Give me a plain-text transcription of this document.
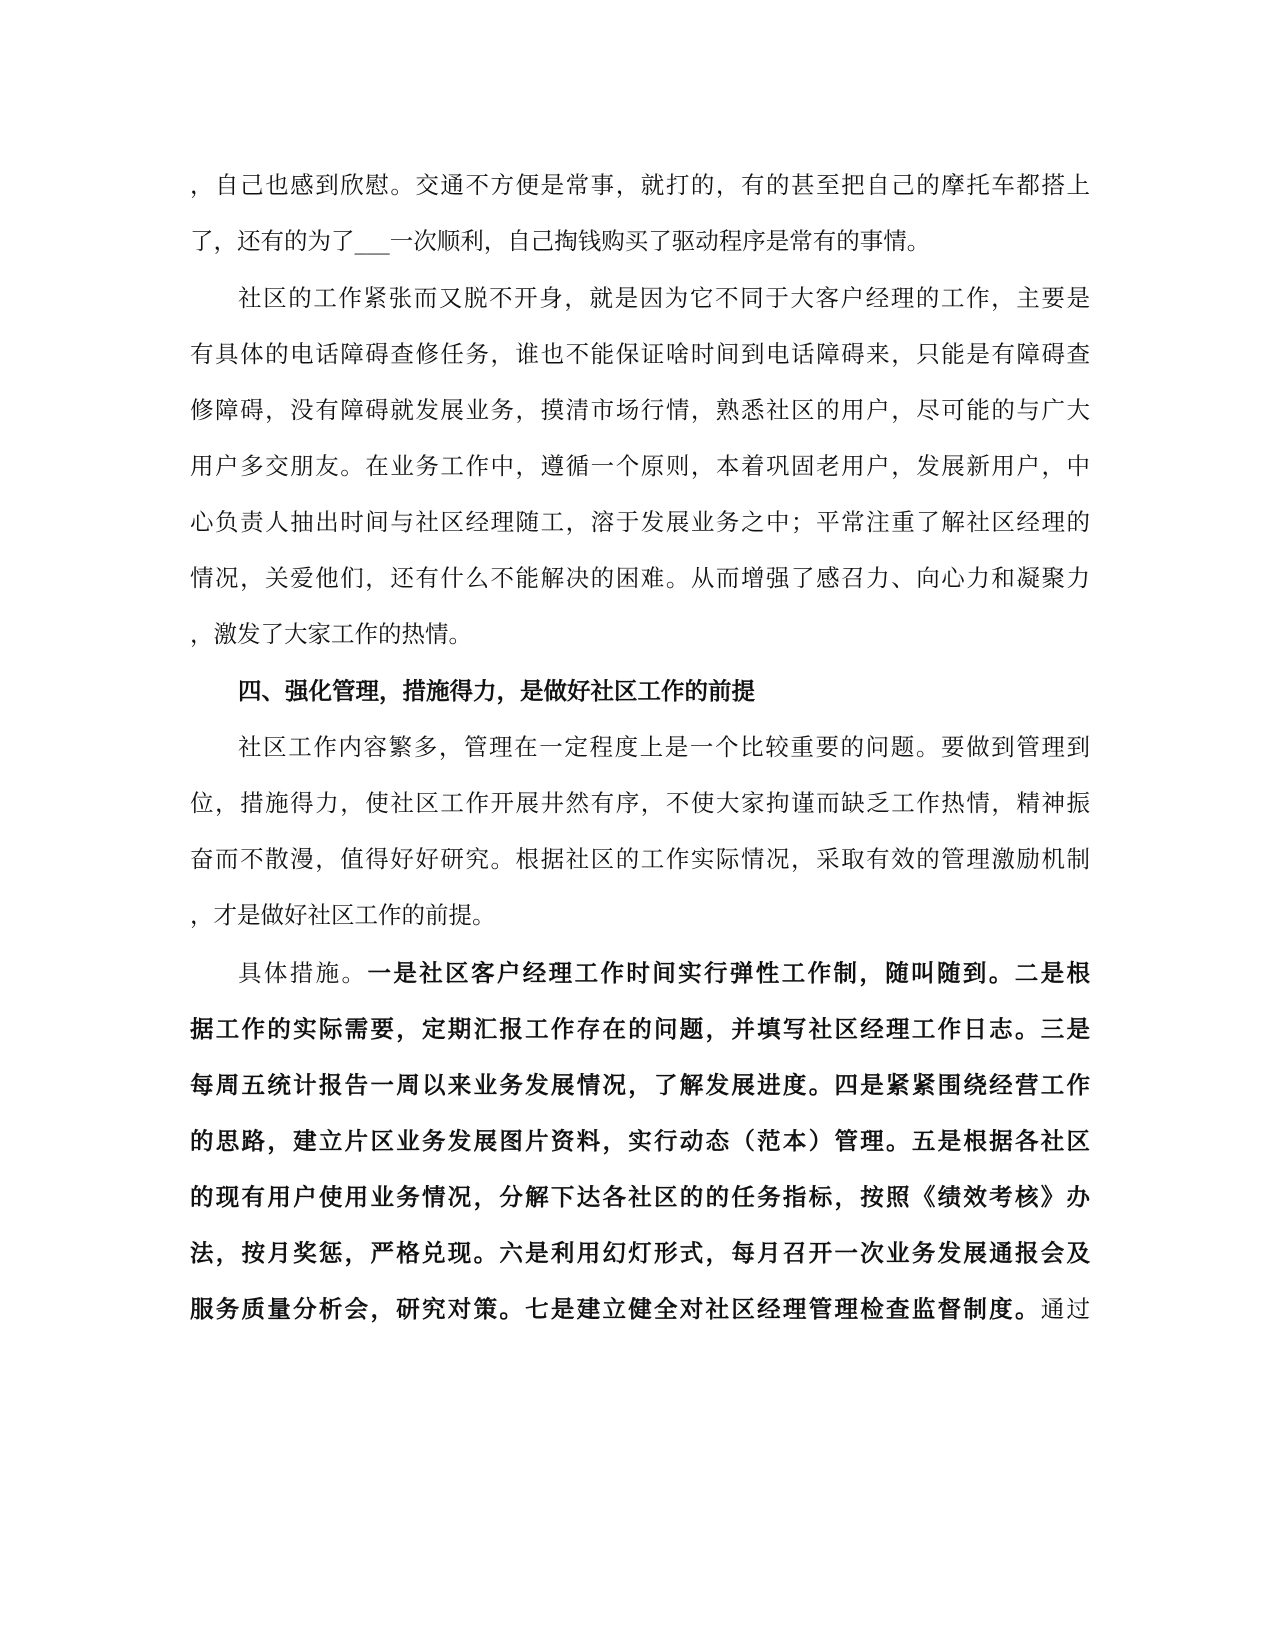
，自己也感到欣慰。交通不方便是常事，就打的，有的甚至把自己的摩托车都搭上

了，还有的为了___一次顺利，自己掏钱购买了驱动程序是常有的事情。

社区的工作紧张而又脱不开身，就是因为它不同于大客户经理的工作，主要是

有具体的电话障碍查修任务，谁也不能保证啥时间到电话障碍来，只能是有障碍查

修障碍，没有障碍就发展业务，摸清市场行情，熟悉社区的用户，尽可能的与广大

用户多交朋友。在业务工作中，遵循一个原则，本着巩固老用户，发展新用户，中

心负责人抽出时间与社区经理随工，溶于发展业务之中；平常注重了解社区经理的

情况，关爱他们，还有什么不能解决的困难。从而增强了感召力、向心力和凝聚力

，激发了大家工作的热情。

四、强化管理，措施得力，是做好社区工作的前提

社区工作内容繁多，管理在一定程度上是一个比较重要的问题。要做到管理到

位，措施得力，使社区工作开展井然有序，不使大家拘谨而缺乏工作热情，精神振

奋而不散漫，值得好好研究。根据社区的工作实际情况，采取有效的管理激励机制

，才是做好社区工作的前提。

具体措施。一是社区客户经理工作时间实行弹性工作制，随叫随到。二是根

据工作的实际需要，定期汇报工作存在的问题，并填写社区经理工作日志。三是

每周五统计报告一周以来业务发展情况，了解发展进度。四是紧紧围绕经营工作

的思路，建立片区业务发展图片资料，实行动态（范本）管理。五是根据各社区

的现有用户使用业务情况，分解下达各社区的的任务指标，按照《绩效考核》办

法，按月奖惩，严格兑现。六是利用幻灯形式，每月召开一次业务发展通报会及

服务质量分析会，研究对策。七是建立健全对社区经理管理检查监督制度。通过
